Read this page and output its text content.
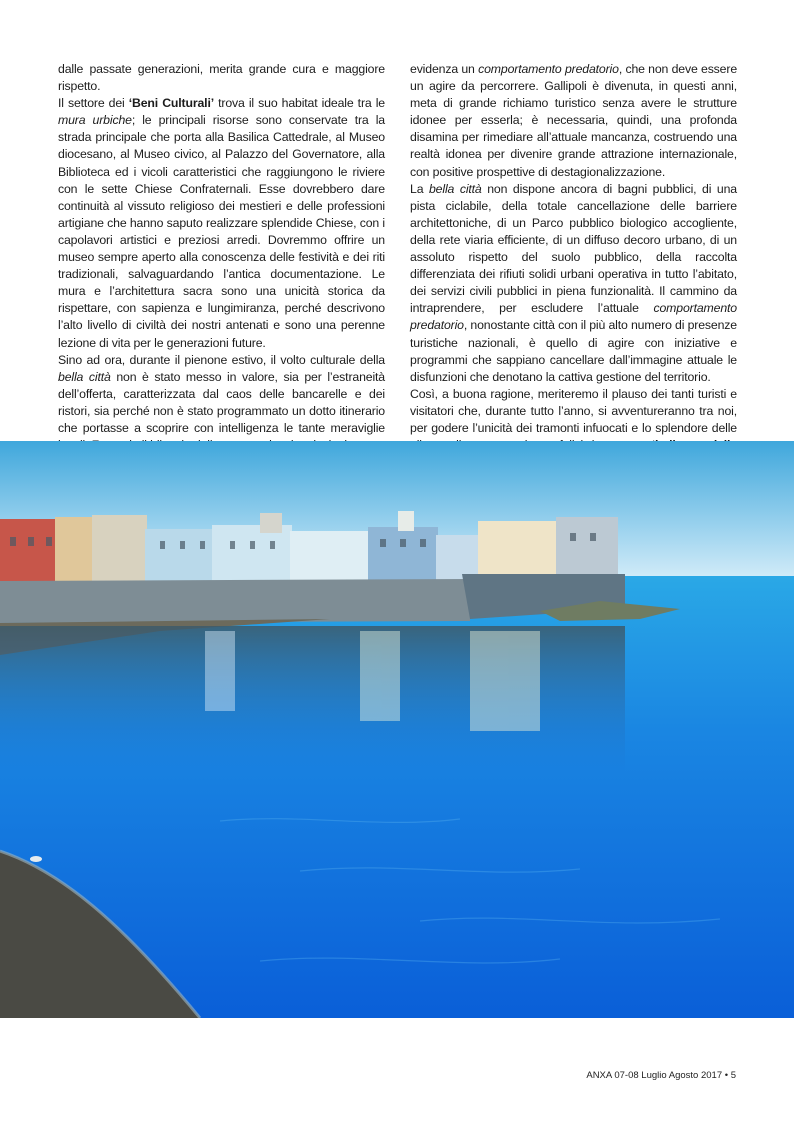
dalle passate generazioni, merita grande cura e maggiore rispetto.

Il settore dei ‘Beni Culturali’ trova il suo habitat ideale tra le mura urbiche; le principali risorse sono conservate tra la strada principale che porta alla Basilica Cattedrale, al Museo diocesano, al Museo civico, al Palazzo del Governatore, alla Biblioteca ed i vicoli caratteristici che raggiungono le riviere con le sette Chiese Confraternali. Esse dovrebbero dare continuità al vissuto religioso dei mestieri e delle professioni artigiane che hanno saputo realizzare splendide Chiese, con i capolavori artistici e preziosi arredi. Dovremmo offrire un museo sempre aperto alla conoscenza delle festività e dei riti tradizionali, salvaguardando l’antica documentazione. Le mura e l’architettura sacra sono una unicità storica da rispettare, con sapienza e lungimiranza, perché descrivono l’alto livello di civiltà dei nostri antenati e sono una perenne lezione di vita per le generazioni future.

Sino ad ora, durante il pienone estivo, il volto culturale della bella città non è stato messo in valore, sia per l’estraneità dell’offerta, caratterizzata dal caos delle bancarelle e dei ristori, sia perché non è stato programmato un dotto itinerario che portasse a scoprire con intelligenza le tante meraviglie

evidenza un comportamento predatorio, che non deve essere un agire da percorrere. Gallipoli è divenuta, in questi anni, meta di grande richiamo turistico senza avere le strutture idonee per esserla; è necessaria, quindi, una profonda disamina per rimediare all’attuale mancanza, costruendo una realtà idonea per divenire grande attrazione internazionale, con positive prospettive di destagionalizzazione.

La bella città non dispone ancora di bagni pubblici, di una pista ciclabile, della totale cancellazione delle barriere architettoniche, di un Parco pubblico biologico accogliente, della rete viaria efficiente, di un diffuso decoro urbano, di un assoluto rispetto del suolo pubblico, della raccolta differenziata dei rifiuti solidi urbani operativa in tutto l’abitato, dei servizi civili pubblici in piena funzionalità. Il cammino da intraprendere, per escludere l’attuale comportamento predatorio, nonostante città con il più alto numero di presenze turistiche nazionali, è quello di agire con iniziative e programmi che sappiano cancellare dall’immagine attuale le disfunzioni che denotano la cattiva gestione del territorio.

Così, a buona ragione, meriteremo il plauso dei tanti turisti e visitatori che, durante tutto l’anno, si avventureranno tra noi, per godere l’unicità dei tramonti infuocati e lo splendore delle

ANXA 07-08 Luglio Agosto 2017 • 5
